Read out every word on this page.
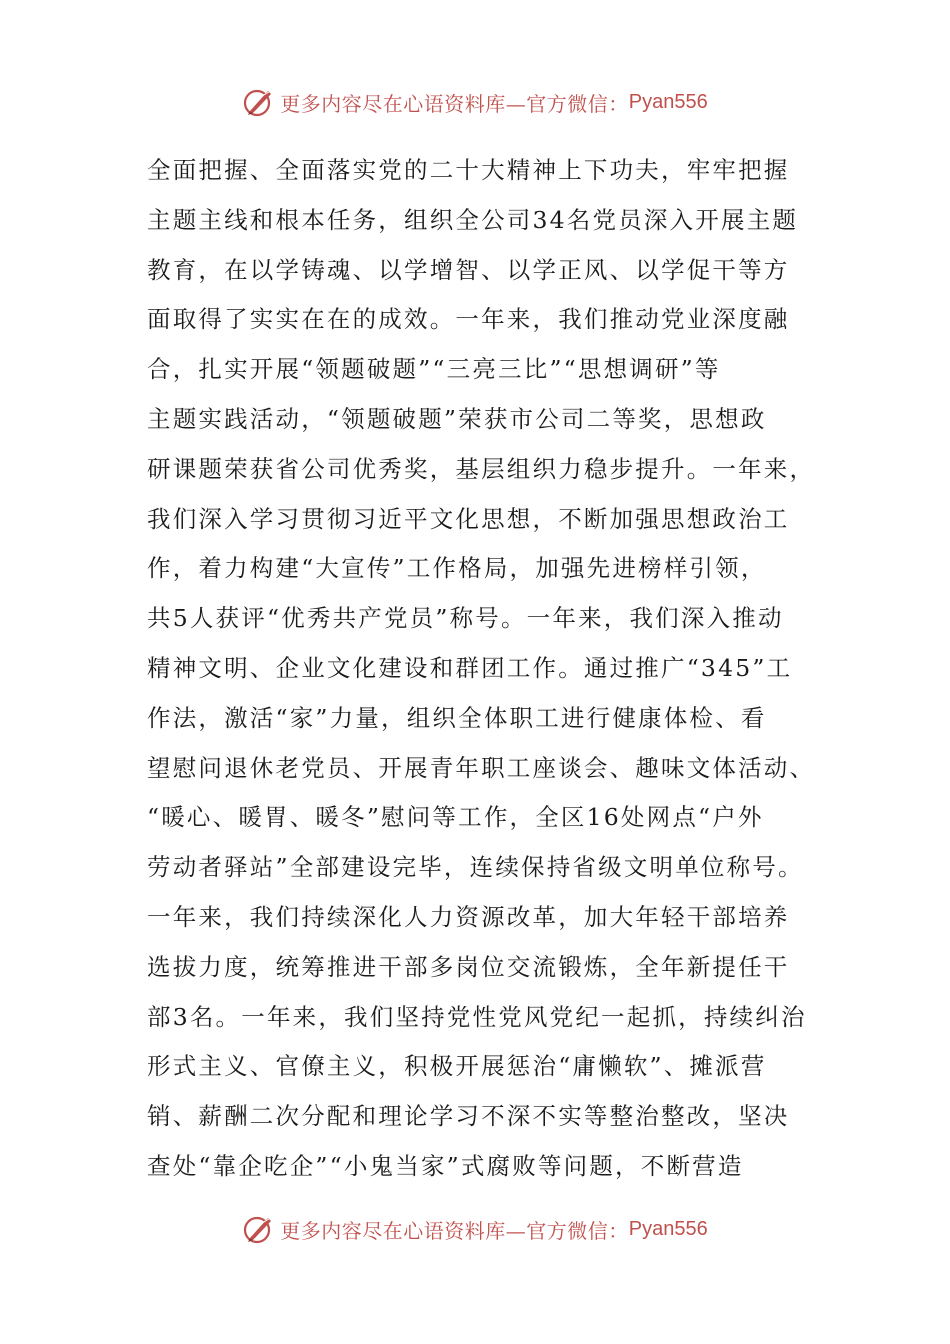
更多内容尽在心语资料库—官方微信： Pyan556
全面把握、全面落实党的二十大精神上下功夫，牢牢把握
主题主线和根本任务，组织全公司34名党员深入开展主题
教育，在以学铸魂、以学增智、以学正风、以学促干等方
面取得了实实在在的成效。一年来，我们推动党业深度融
合，扎实开展“领题破题”“三亮三比”“思想调研”等
主题实践活动，“领题破题”荣获市公司二等奖，思想政
研课题荣获省公司优秀奖，基层组织力稳步提升。一年来，
我们深入学习贯彻习近平文化思想，不断加强思想政治工
作，着力构建“大宣传”工作格局，加强先进榜样引领，
共5人获评“优秀共产党员”称号。一年来，我们深入推动
精神文明、企业文化建设和群团工作。通过推广“345”工
作法，激活“家”力量，组织全体职工进行健康体检、看
望慰问退休老党员、开展青年职工座谈会、趣味文体活动、
“暖心、暖胃、暖冬”慰问等工作，全区16处网点“户外
劳动者驿站”全部建设完毕，连续保持省级文明单位称号。
一年来，我们持续深化人力资源改革，加大年轻干部培养
选拔力度，统筹推进干部多岗位交流锻炼，全年新提任干
部3名。一年来，我们坚持党性党风党纪一起抓，持续纠治
形式主义、官僚主义，积极开展惩治“庸懒软”、摊派营
销、薪酬二次分配和理论学习不深不实等整治整改，坚决
查处“靠企吃企”“小鬼当家”式腐败等问题，不断营造
更多内容尽在心语资料库—官方微信： Pyan556
